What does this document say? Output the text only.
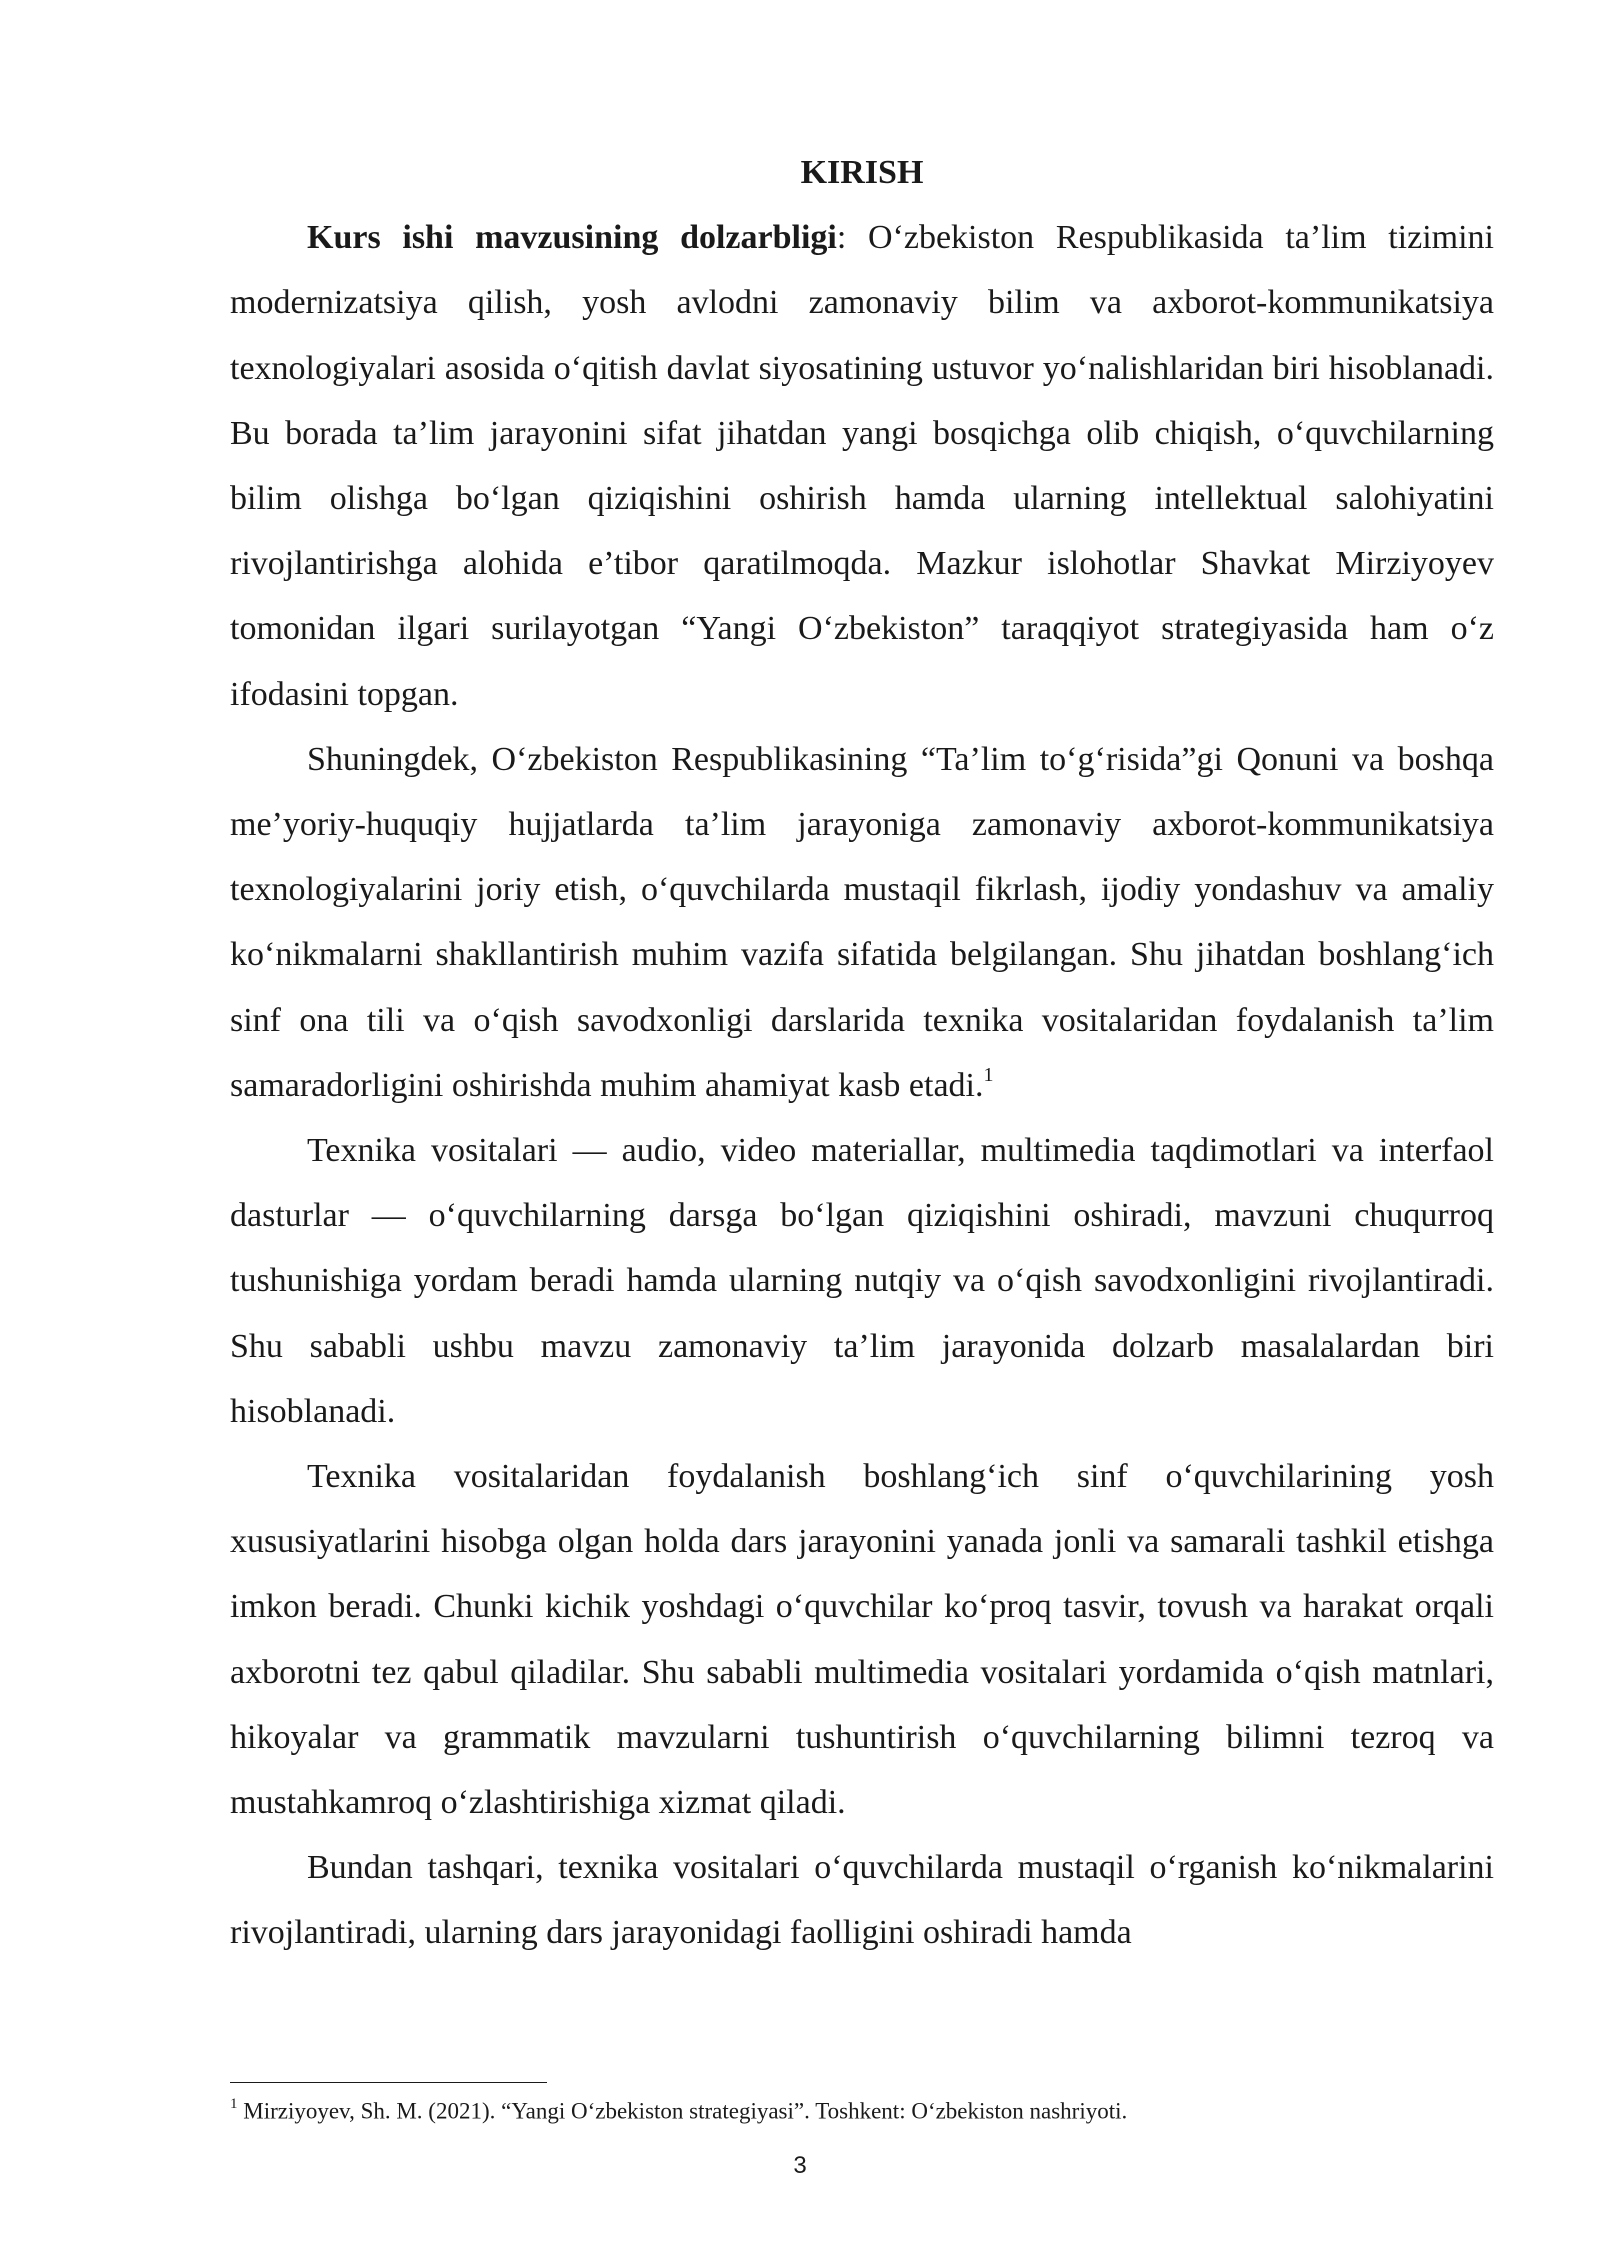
KIRISH

Kurs ishi mavzusining dolzarbligi: O‘zbekiston Respublikasida ta’lim tizimini modernizatsiya qilish, yosh avlodni zamonaviy bilim va axborot-kommunikatsiya texnologiyalari asosida o‘qitish davlat siyosatining ustuvor yo‘nalishlaridan biri hisoblanadi. Bu borada ta’lim jarayonini sifat jihatdan yangi bosqichga olib chiqish, o‘quvchilarning bilim olishga bo‘lgan qiziqishini oshirish hamda ularning intellektual salohiyatini rivojlantirishga alohida e’tibor qaratilmoqda. Mazkur islohotlar Shavkat Mirziyoyev tomonidan ilgari surilayotgan “Yangi O‘zbekiston” taraqqiyot strategiyasida ham o‘z ifodasini topgan.

Shuningdek, O‘zbekiston Respublikasining “Ta’lim to‘g‘risida”gi Qonuni va boshqa me’yoriy-huquqiy hujjatlarda ta’lim jarayoniga zamonaviy axborot-kommunikatsiya texnologiyalarini joriy etish, o‘quvchilarda mustaqil fikrlash, ijodiy yondashuv va amaliy ko‘nikmalarni shakllantirish muhim vazifa sifatida belgilangan. Shu jihatdan boshlang‘ich sinf ona tili va o‘qish savodxonligi darslarida texnika vositalaridan foydalanish ta’lim samaradorligini oshirishda muhim ahamiyat kasb etadi.$^1$

Texnika vositalari — audio, video materiallar, multimedia taqdimotlari va interfaol dasturlar — o‘quvchilarning darsga bo‘lgan qiziqishini oshiradi, mavzuni chuqurroq tushunishiga yordam beradi hamda ularning nutqiy va o‘qish savodxonligini rivojlantiradi. Shu sababli ushbu mavzu zamonaviy ta’lim jarayonida dolzarb masalalardan biri hisoblanadi.

Texnika vositalaridan foydalanish boshlang‘ich sinf o‘quvchilarining yosh xususiyatlarini hisobga olgan holda dars jarayonini yanada jonli va samarali tashkil etishga imkon beradi. Chunki kichik yoshdagi o‘quvchilar ko‘proq tasvir, tovush va harakat orqali axborotni tez qabul qiladilar. Shu sababli multimedia vositalari yordamida o‘qish matnlari, hikoyalar va grammatik mavzularni tushuntirish o‘quvchilarning bilimni tezroq va mustahkamroq o‘zlashtirishiga xizmat qiladi.

Bundan tashqari, texnika vositalari o‘quvchilarda mustaqil o‘rganish ko‘nikmalarini rivojlantiradi, ularning dars jarayonidagi faolligini oshiradi hamda

$^1$ Mirziyoyev, Sh. M. (2021). “Yangi O‘zbekiston strategiyasi”. Toshkent: O‘zbekiston nashriyoti.
3
